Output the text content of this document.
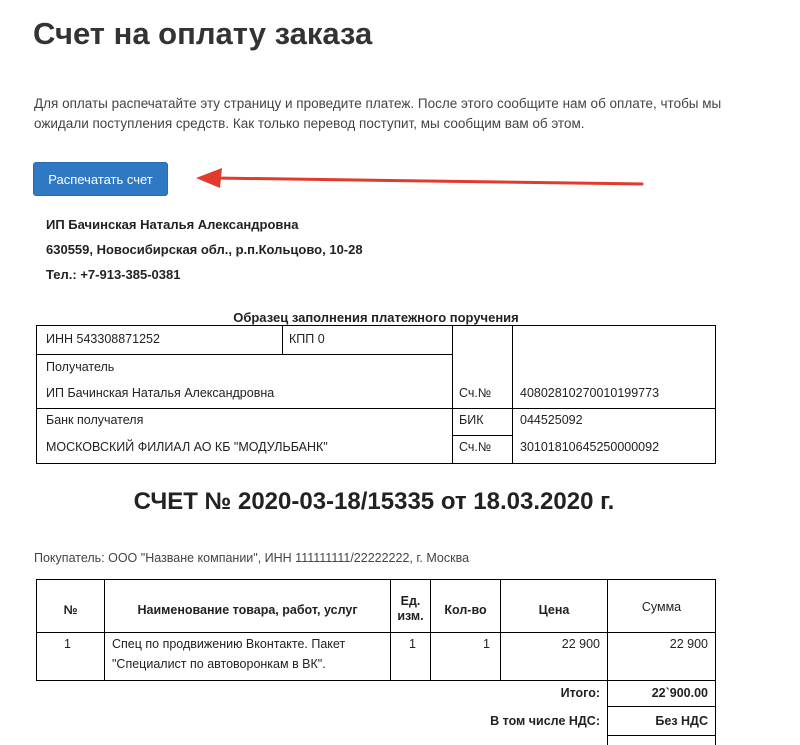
Счет на оплату заказа
Для оплаты распечатайте эту страницу и проведите платеж. После этого сообщите нам об оплате, чтобы мы ожидали поступления средств. Как только перевод поступит, мы сообщим вам об этом.
Распечатать счет
ИП Бачинская Наталья Александровна
630559, Новосибирская обл., р.п.Кольцово, 10-28
Тел.: +7-913-385-0381
Образец заполнения платежного поручения
ИНН 543308871252	КПП 0
Получатель
ИП Бачинская Наталья Александровна	Сч.№ 40802810270010199773
Банк получателя
МОСКОВСКИЙ ФИЛИАЛ АО КБ "МОДУЛЬБАНК"
БИК	044525092
Сч.№ 30101810645250000092
СЧЕТ № 2020-03-18/15335 от 18.03.2020 г.
Покупатель: ООО "Назване компании", ИНН 111111111/22222222, г. Москва
№	Наименование товара, работ, услуг
Ед.
изм.	Кол-во	Цена	Сумма
1	Спец по продвижению Вконтакте. Пакет
"Специалист по автоворонкам в ВК".
1	1	22 900	22 900
Итого:	22`900.00
В том числе НДС:	Без НДС
